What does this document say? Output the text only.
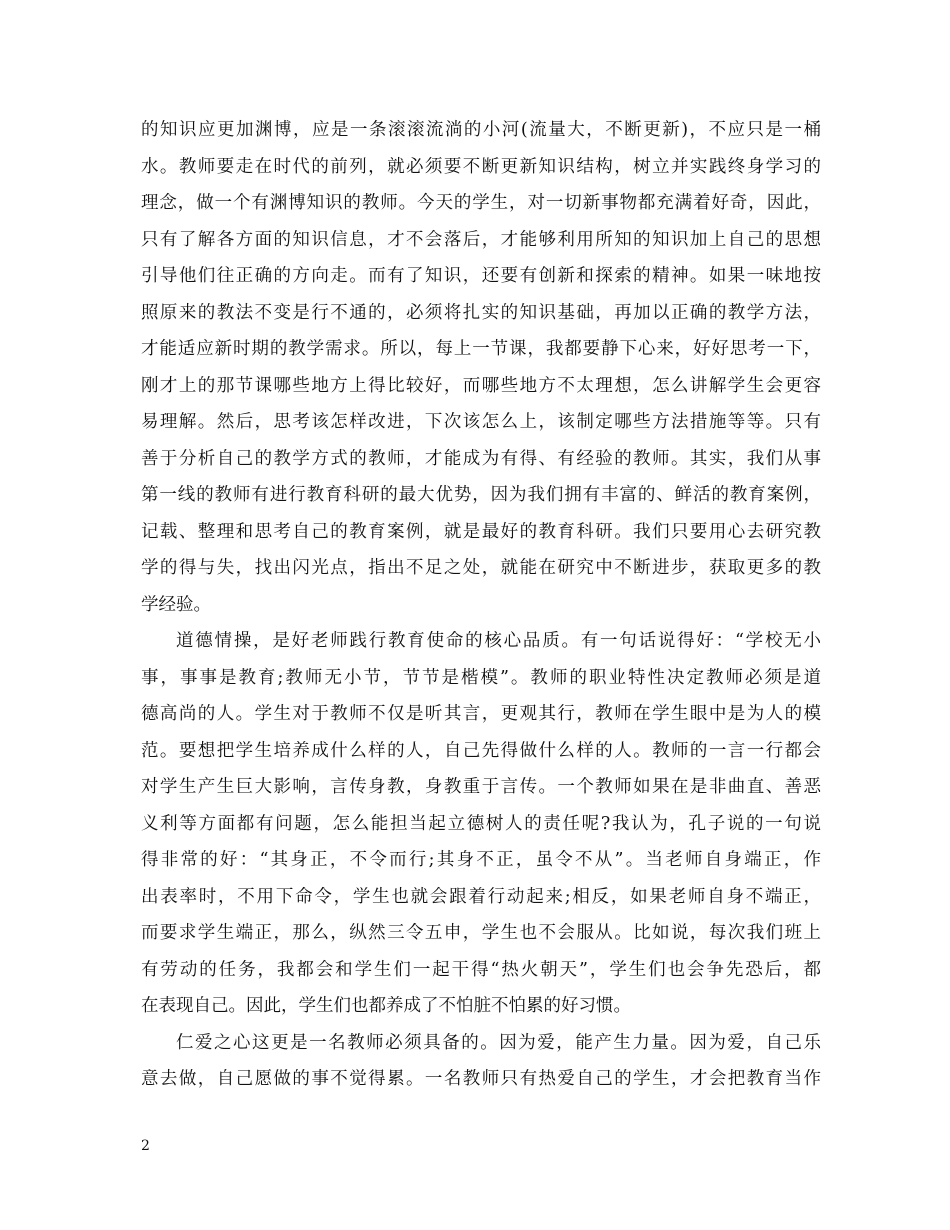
的知识应更加渊博，应是一条滚滚流淌的小河(流量大，不断更新)，不应只是一桶
水。教师要走在时代的前列，就必须要不断更新知识结构，树立并实践终身学习的
理念，做一个有渊博知识的教师。今天的学生，对一切新事物都充满着好奇，因此，
只有了解各方面的知识信息，才不会落后，才能够利用所知的知识加上自己的思想
引导他们往正确的方向走。而有了知识，还要有创新和探索的精神。如果一味地按
照原来的教法不变是行不通的，必须将扎实的知识基础，再加以正确的教学方法，
才能适应新时期的教学需求。所以，每上一节课，我都要静下心来，好好思考一下，
刚才上的那节课哪些地方上得比较好，而哪些地方不太理想，怎么讲解学生会更容
易理解。然后，思考该怎样改进，下次该怎么上，该制定哪些方法措施等等。只有
善于分析自己的教学方式的教师，才能成为有得、有经验的教师。其实，我们从事
第一线的教师有进行教育科研的最大优势，因为我们拥有丰富的、鲜活的教育案例，
记载、整理和思考自己的教育案例，就是最好的教育科研。我们只要用心去研究教
学的得与失，找出闪光点，指出不足之处，就能在研究中不断进步，获取更多的教
学经验。
道德情操，是好老师践行教育使命的核心品质。有一句话说得好：“学校无小
事，事事是教育;教师无小节，节节是楷模”。教师的职业特性决定教师必须是道
德高尚的人。学生对于教师不仅是听其言，更观其行，教师在学生眼中是为人的模
范。要想把学生培养成什么样的人，自己先得做什么样的人。教师的一言一行都会
对学生产生巨大影响，言传身教，身教重于言传。一个教师如果在是非曲直、善恶
义利等方面都有问题，怎么能担当起立德树人的责任呢?我认为，孔子说的一句说
得非常的好：“其身正，不令而行;其身不正，虽令不从”。当老师自身端正，作
出表率时，不用下命令，学生也就会跟着行动起来;相反，如果老师自身不端正，
而要求学生端正，那么，纵然三令五申，学生也不会服从。比如说，每次我们班上
有劳动的任务，我都会和学生们一起干得“热火朝天”，学生们也会争先恐后，都
在表现自己。因此，学生们也都养成了不怕脏不怕累的好习惯。
仁爱之心这更是一名教师必须具备的。因为爱，能产生力量。因为爱，自己乐
意去做，自己愿做的事不觉得累。一名教师只有热爱自己的学生，才会把教育当作
2
